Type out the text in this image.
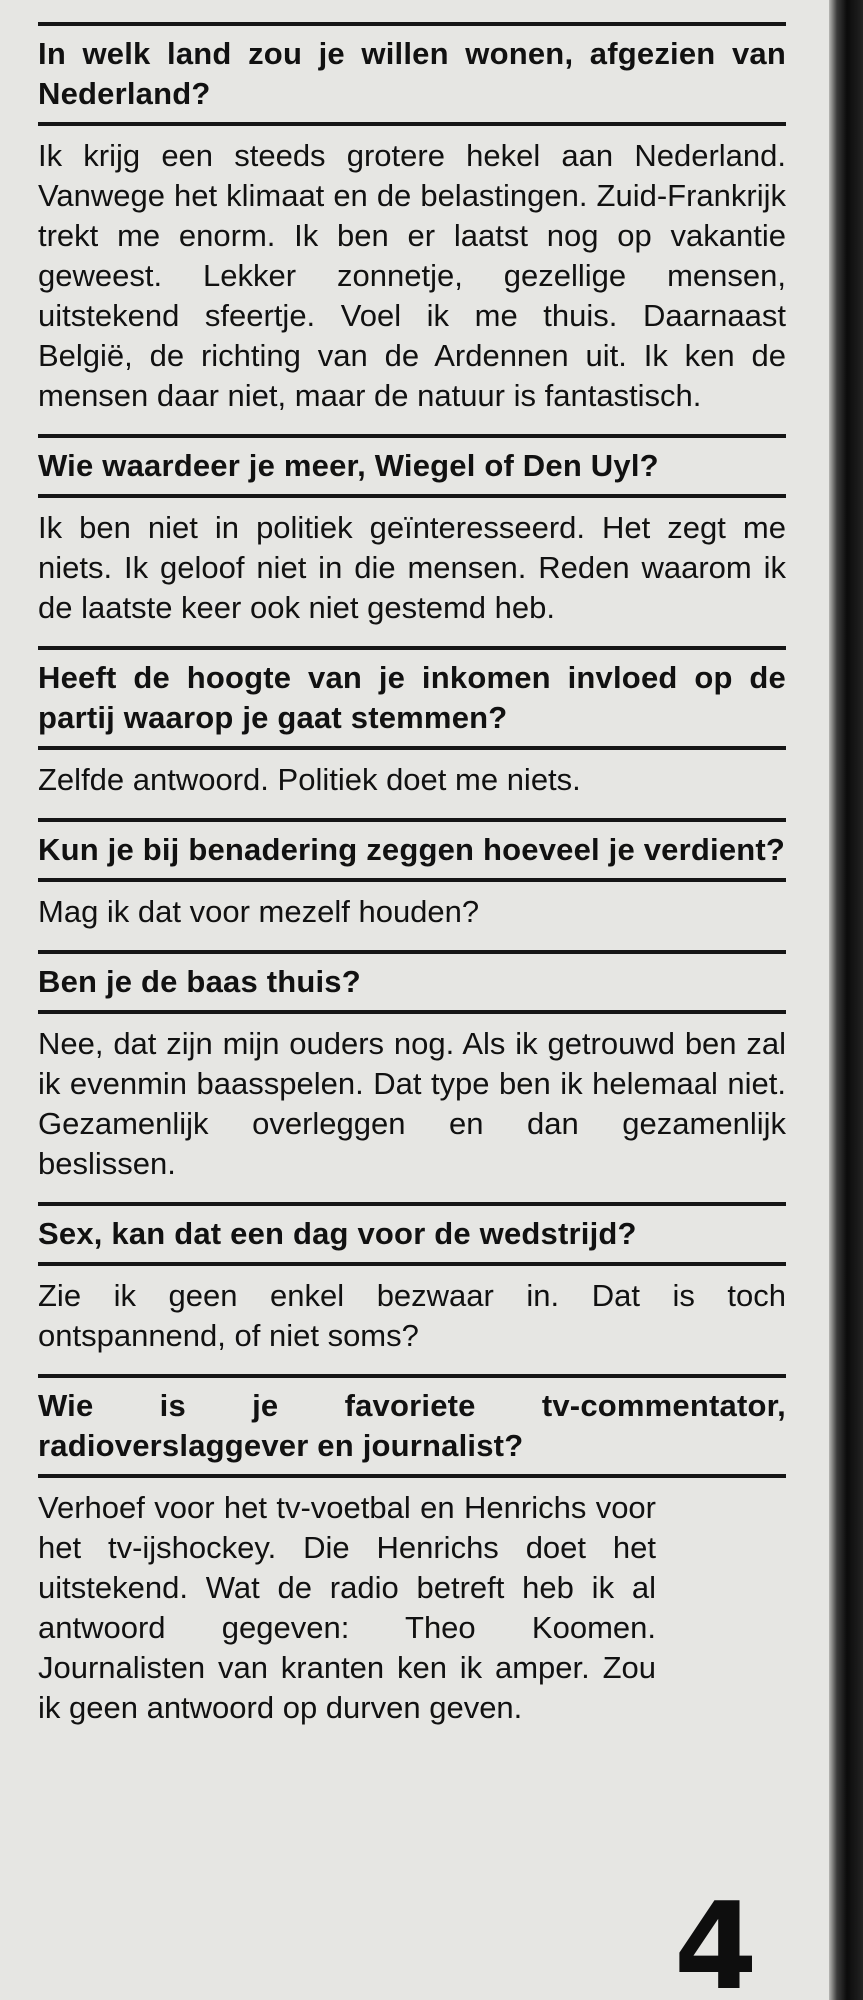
In welk land zou je willen wonen, afgezien van Nederland?

Ik krijg een steeds grotere hekel aan Nederland. Vanwege het klimaat en de belastingen. Zuid-Frankrijk trekt me enorm. Ik ben er laatst nog op vakantie geweest. Lekker zonnetje, gezellige mensen, uitstekend sfeertje. Voel ik me thuis. Daarnaast België, de richting van de Ardennen uit. Ik ken de mensen daar niet, maar de natuur is fantastisch.

Wie waardeer je meer, Wiegel of Den Uyl?

Ik ben niet in politiek geïnteresseerd. Het zegt me niets. Ik geloof niet in die mensen. Reden waarom ik de laatste keer ook niet gestemd heb.

Heeft de hoogte van je inkomen invloed op de partij waarop je gaat stemmen?

Zelfde antwoord. Politiek doet me niets.

Kun je bij benadering zeggen hoeveel je verdient?

Mag ik dat voor mezelf houden?

Ben je de baas thuis?

Nee, dat zijn mijn ouders nog. Als ik getrouwd ben zal ik evenmin baasspelen. Dat type ben ik helemaal niet. Gezamenlijk overleggen en dan gezamenlijk beslissen.

Sex, kan dat een dag voor de wedstrijd?

Zie ik geen enkel bezwaar in. Dat is toch ontspannend, of niet soms?

Wie is je favoriete tv-commentator, radioverslaggever en journalist?

Verhoef voor het tv-voetbal en Henrichs voor het tv-ijshockey. Die Henrichs doet het uitstekend. Wat de radio betreft heb ik al antwoord gegeven: Theo Koomen. Journalisten van kranten ken ik amper. Zou ik geen antwoord op durven geven.

4
